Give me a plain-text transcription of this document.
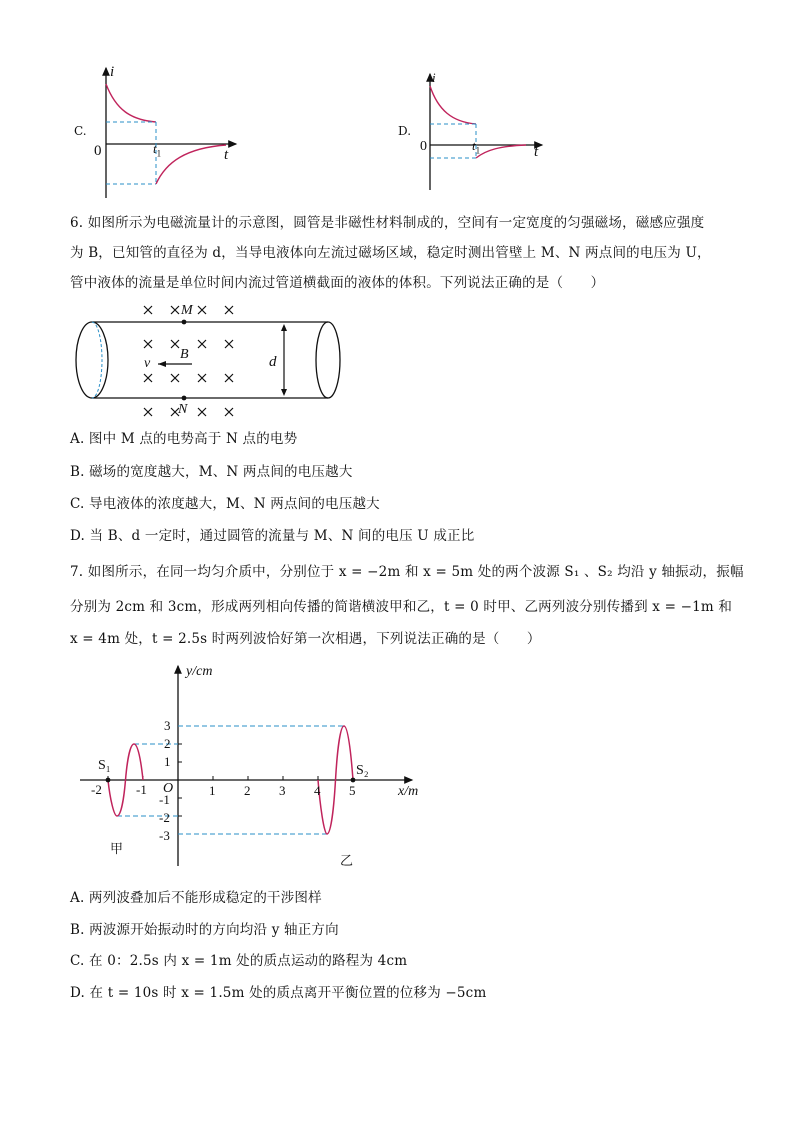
C.
i
0	t
$t_1$
D.
i
0	t
$t_1$
6. 如图所示为电磁流量计的示意图，圆管是非磁性材料制成的，空间有一定宽度的匀强磁场，磁感应强度
为 B，已知管的直径为 d，当导电液体向左流过磁场区域，稳定时测出管壁上 M、N 两点间的电压为 U，
管中液体的流量是单位时间内流过管道横截面的液体的体积。下列说法正确的是（　　）
M
N
B
v	d
A. 图中 M 点的电势高于 N 点的电势
B. 磁场的宽度越大，M、N 两点间的电压越大
C. 导电液体的浓度越大，M、N 两点间的电压越大
D. 当 B、d 一定时，通过圆管的流量与 M、N 间的电压 U 成正比
7. 如图所示，在同一均匀介质中，分别位于 x = −2m 和 x = 5m 处的两个波源 S₁ 、S₂ 均沿 y 轴振动，振幅
分别为 2cm 和 3cm，形成两列相向传播的简谐横波甲和乙，t = 0 时甲、乙两列波分别传播到 x = −1m 和
x = 4m 处，t = 2.5s 时两列波恰好第一次相遇，下列说法正确的是（　　）
y/cm
x/m
O
-2	-1	1 2 3 4 5
3
2
1
-1
-2
-3
S₁	S₂
甲
乙
A. 两列波叠加后不能形成稳定的干涉图样
B. 两波源开始振动时的方向均沿 y 轴正方向
C. 在 0：2.5s 内 x = 1m 处的质点运动的路程为 4cm
D. 在 t = 10s 时 x = 1.5m 处的质点离开平衡位置的位移为 −5cm
